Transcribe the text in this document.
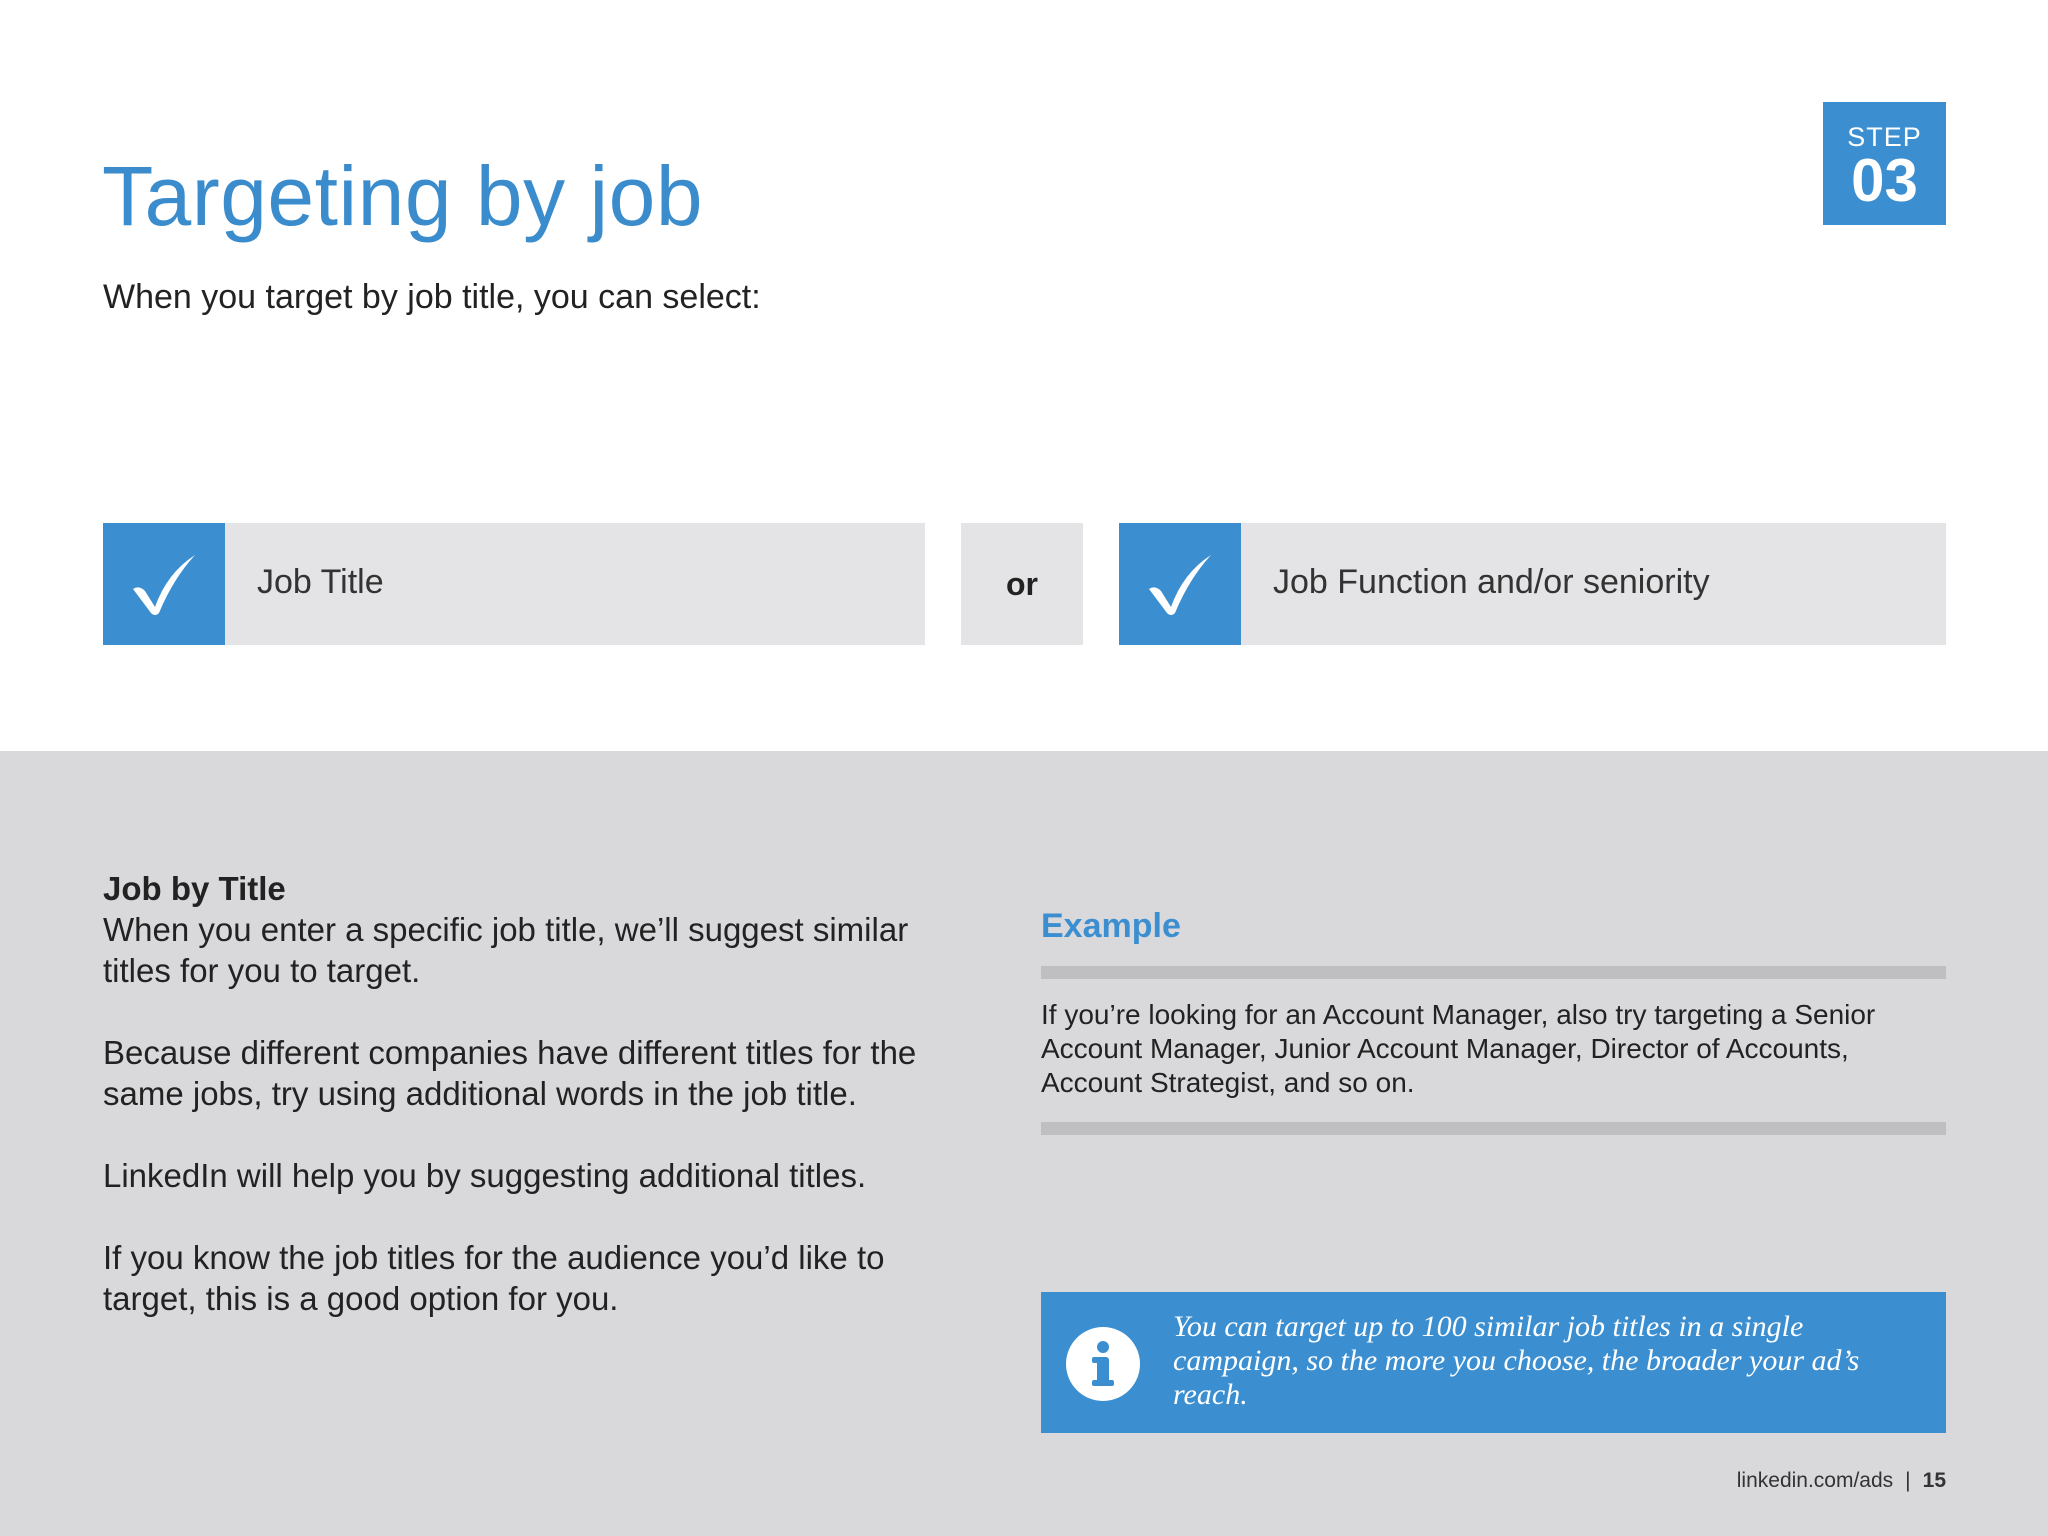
Targeting by job
When you target by job title, you can select:
STEP
03
Job Title	or	Job Function and/or seniority
Job by Title

When you enter a specific job title, we’ll suggest similar titles for you to target.

Because different companies have different titles for the same jobs, try using additional words in the job title.

LinkedIn will help you by suggesting additional titles.

If you know the job titles for the audience you’d like to target, this is a good option for you.

Example
If you’re looking for an Account Manager, also try targeting a Senior Account Manager, Junior Account Manager, Director of Accounts, Account Strategist, and so on.
You can target up to 100 similar job titles in a single campaign, so the more you choose, the broader your ad’s reach.
linkedin.com/ads | 15
